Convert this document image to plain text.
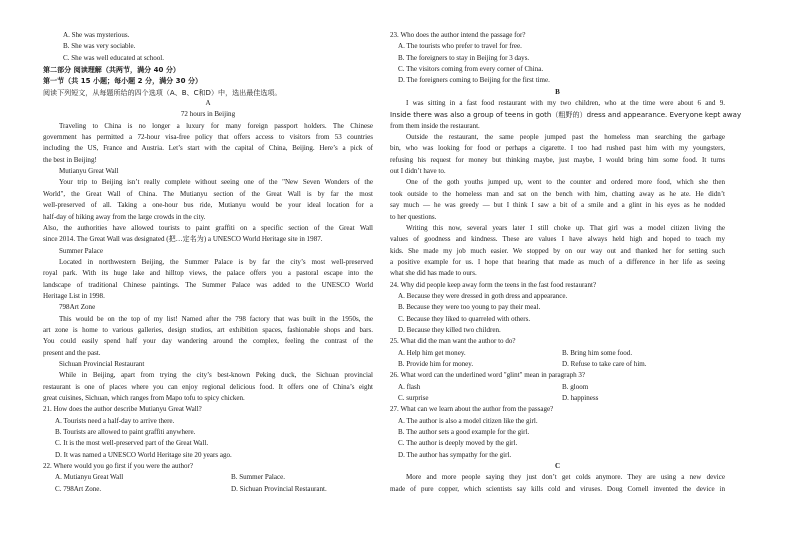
A. She was mysterious.
B. She was very sociable.
C. She was well educated at school.
第二部分 阅读理解（共两节，满分 40 分）
第一节（共 15 小题；每小题 2 分，满分 30 分）
阅读下列短文，从每题所给的四个选项（A、B、C和D）中，选出最佳选项。
A
72 hours in Beijing
Traveling to China is no longer a luxury for many foreign passport holders. The Chinese
government has permitted a 72-hour visa-free policy that offers access to visitors from 53 countries
including the US, France and Austria. Let’s start with the capital of China, Beijing. Here’s a pick of
the best in Beijing!
Mutianyu Great Wall
Your trip to Beijing isn’t really complete without seeing one of the "New Seven Wonders of the
World", the Great Wall of China. The Mutianyu section of the Great Wall is by far the most
well-preserved of all. Taking a one-hour bus ride, Mutianyu would be your ideal location for a
half-day of hiking away from the large crowds in the city.
Also, the authorities have allowed tourists to paint graffiti on a specific section of the Great Wall
since 2014. The Great Wall was designated (把…定名为) a UNESCO World Heritage site in 1987.
Summer Palace
Located in northwestern Beijing, the Summer Palace is by far the city’s most well-preserved
royal park. With its huge lake and hilltop views, the palace offers you a pastoral escape into the
landscape of traditional Chinese paintings. The Summer Palace was added to the UNESCO World
Heritage List in 1998.
798Art Zone
This would be on the top of my list! Named after the 798 factory that was built in the 1950s, the
art zone is home to various galleries, design studios, art exhibition spaces, fashionable shops and bars.
You could easily spend half your day wandering around the complex, feeling the contrast of the
present and the past.
Sichuan Provincial Restaurant
While in Beijing, apart from trying the city’s best-known Peking duck, the Sichuan provincial
restaurant is one of places where you can enjoy regional delicious food. It offers one of China’s eight
great cuisines, Sichuan, which ranges from Mapo tofu to spicy chicken.
21. How does the author describe Mutianyu Great Wall?
A. Tourists need a half-day to arrive there.
B. Tourists are allowed to paint graffiti anywhere.
C. It is the most well-preserved part of the Great Wall.
D. It was named a UNESCO World Heritage site 20 years ago.
22. Where would you go first if you were the author?
A. Mutianyu Great Wall	B. Summer Palace.
C. 798Art Zone.	D. Sichuan Provincial Restaurant.
23. Who does the author intend the passage for?
A. The tourists who prefer to travel for free.
B. The foreigners to stay in Beijing for 3 days.
C. The visitors coming from every corner of China.
D. The foreigners coming to Beijing for the first time.
B
I was sitting in a fast food restaurant with my two children, who at the time were about 6 and 9.
Inside there was also a group of teens in goth（粗野的）dress and appearance. Everyone kept away
from them inside the restaurant.
Outside the restaurant, the same people jumped past the homeless man searching the garbage
bin, who was looking for food or perhaps a cigarette. I too had rushed past him with my youngsters,
refusing his request for money but thinking maybe, just maybe, I would bring him some food. It turns
out I didn’t have to.
One of the goth youths jumped up, went to the counter and ordered more food, which she then
took outside to the homeless man and sat on the bench with him, chatting away as he ate. He didn’t
say much — he was greedy — but I think I saw a bit of a smile and a glint in his eyes as he nodded
to her questions.
Writing this now, several years later I still choke up. That girl was a model citizen living the
values of goodness and kindness. These are values I have always held high and hoped to teach my
kids. She made my job much easier. We stopped by on our way out and thanked her for setting such
a positive example for us. I hope that hearing that made as much of a difference in her life as seeing
what she did has made to ours.
24. Why did people keep away form the teens in the fast food restaurant?
A. Because they were dressed in goth dress and appearance.
B. Because they were too young to pay their meal.
C. Because they liked to quarreled with others.
D. Because they killed two children.
25. What did the man want the author to do?
A. Help him get money.	B. Bring him some food.
B. Provide him for money.	D. Refuse to take care of him.
26. What word can the underlined word "glint" mean in paragraph 3?
A. flash	B. gloom
C. surprise	D. happiness
27. What can we learn about the author from the passage?
A. The author is also a model citizen like the girl.
B. The author sets a good example for the girl.
C. The author is deeply moved by the girl.
D. The author has sympathy for the girl.
C
More and more people saying they just don’t get colds anymore. They are using a new device
made of pure copper, which scientists say kills cold and viruses. Doug Cornell invented the device in
